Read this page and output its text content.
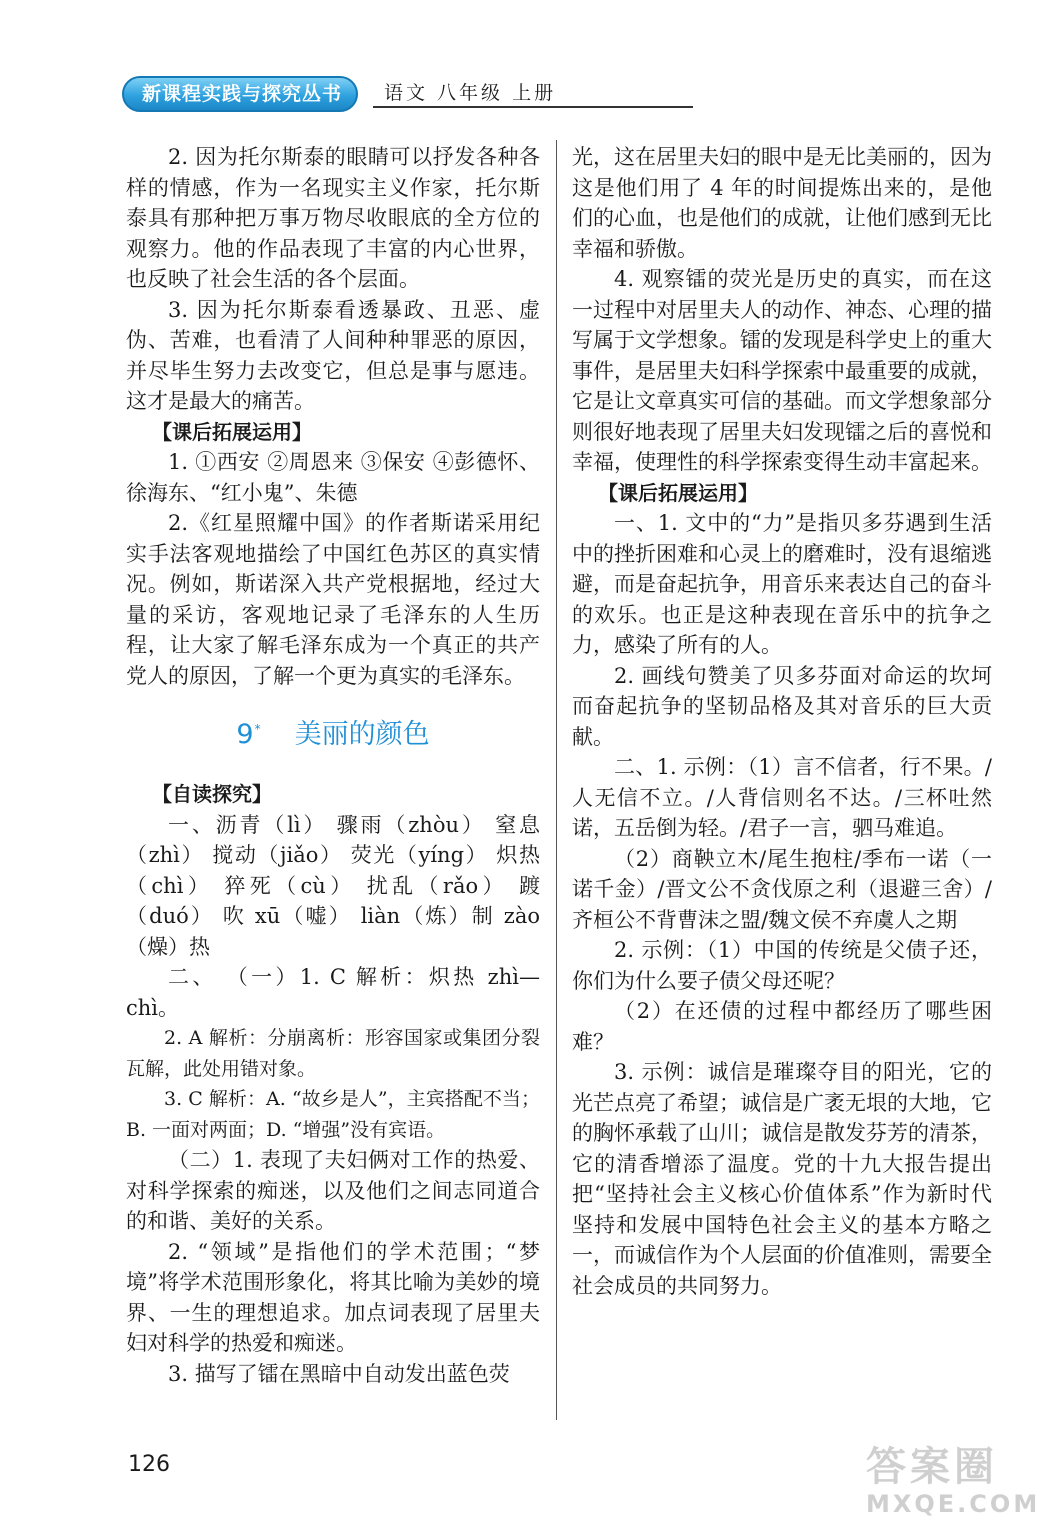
新课程实践与探究丛书	语文 八年级 上册

2. 因为托尔斯泰的眼睛可以抒发各种各样的情感，作为一名现实主义作家，托尔斯泰具有那种把万事万物尽收眼底的全方位的观察力。他的作品表现了丰富的内心世界，也反映了社会生活的各个层面。

3. 因为托尔斯泰看透暴政、丑恶、虚伪、苦难，也看清了人间种种罪恶的原因，并尽毕生努力去改变它，但总是事与愿违。这才是最大的痛苦。

【课后拓展运用】

1. ①西安 ②周恩来 ③保安 ④彭德怀、徐海东、“红小鬼”、朱德

2.《红星照耀中国》的作者斯诺采用纪实手法客观地描绘了中国红色苏区的真实情况。例如，斯诺深入共产党根据地，经过大量的采访，客观地记录了毛泽东的人生历程，让大家了解毛泽东成为一个真正的共产党人的原因，了解一个更为真实的毛泽东。

9* 美丽的颜色

【自读探究】

一、沥青（lì） 骤雨（zhòu） 窒息（zhì） 搅动（jiǎo） 荧光（yíng） 炽热（chì） 猝死（cù） 扰乱（rǎo） 踱（duó） 吹 xū（嘘） liàn（炼）制 zào（燥）热

二、 （一）1. C 解析：炽热 zhì—chì。

2. A 解析：分崩离析：形容国家或集团分裂瓦解，此处用错对象。

3. C 解析：A. “故乡是人”，主宾搭配不当；B. 一面对两面；D. “增强”没有宾语。

（二）1. 表现了夫妇俩对工作的热爱、对科学探索的痴迷，以及他们之间志同道合的和谐、美好的关系。

2. “领域”是指他们的学术范围；“梦境”将学术范围形象化，将其比喻为美妙的境界、一生的理想追求。加点词表现了居里夫妇对科学的热爱和痴迷。

3. 描写了镭在黑暗中自动发出蓝色荧

光，这在居里夫妇的眼中是无比美丽的，因为这是他们用了 4 年的时间提炼出来的，是他们的心血，也是他们的成就，让他们感到无比幸福和骄傲。

4. 观察镭的荧光是历史的真实，而在这一过程中对居里夫人的动作、神态、心理的描写属于文学想象。镭的发现是科学史上的重大事件，是居里夫妇科学探索中最重要的成就，它是让文章真实可信的基础。而文学想象部分则很好地表现了居里夫妇发现镭之后的喜悦和幸福，使理性的科学探索变得生动丰富起来。

【课后拓展运用】

一、1. 文中的“力”是指贝多芬遇到生活中的挫折困难和心灵上的磨难时，没有退缩逃避，而是奋起抗争，用音乐来表达自己的奋斗的欢乐。也正是这种表现在音乐中的抗争之力，感染了所有的人。

2. 画线句赞美了贝多芬面对命运的坎坷而奋起抗争的坚韧品格及其对音乐的巨大贡献。

二、1. 示例：（1）言不信者，行不果。/人无信不立。/人背信则名不达。/三杯吐然诺，五岳倒为轻。/君子一言，驷马难追。

（2）商鞅立木/尾生抱柱/季布一诺（一诺千金）/晋文公不贪伐原之利（退避三舍）/齐桓公不背曹沫之盟/魏文侯不弃虞人之期

2. 示例：（1）中国的传统是父债子还，你们为什么要子债父母还呢？

（2）在还债的过程中都经历了哪些困难？

3. 示例：诚信是璀璨夺目的阳光，它的光芒点亮了希望；诚信是广袤无垠的大地，它的胸怀承载了山川；诚信是散发芬芳的清茶，它的清香增添了温度。党的十九大报告提出把“坚持社会主义核心价值体系”作为新时代坚持和发展中国特色社会主义的基本方略之一，而诚信作为个人层面的价值准则，需要全社会成员的共同努力。

126	答案圈
MXQE.COM
